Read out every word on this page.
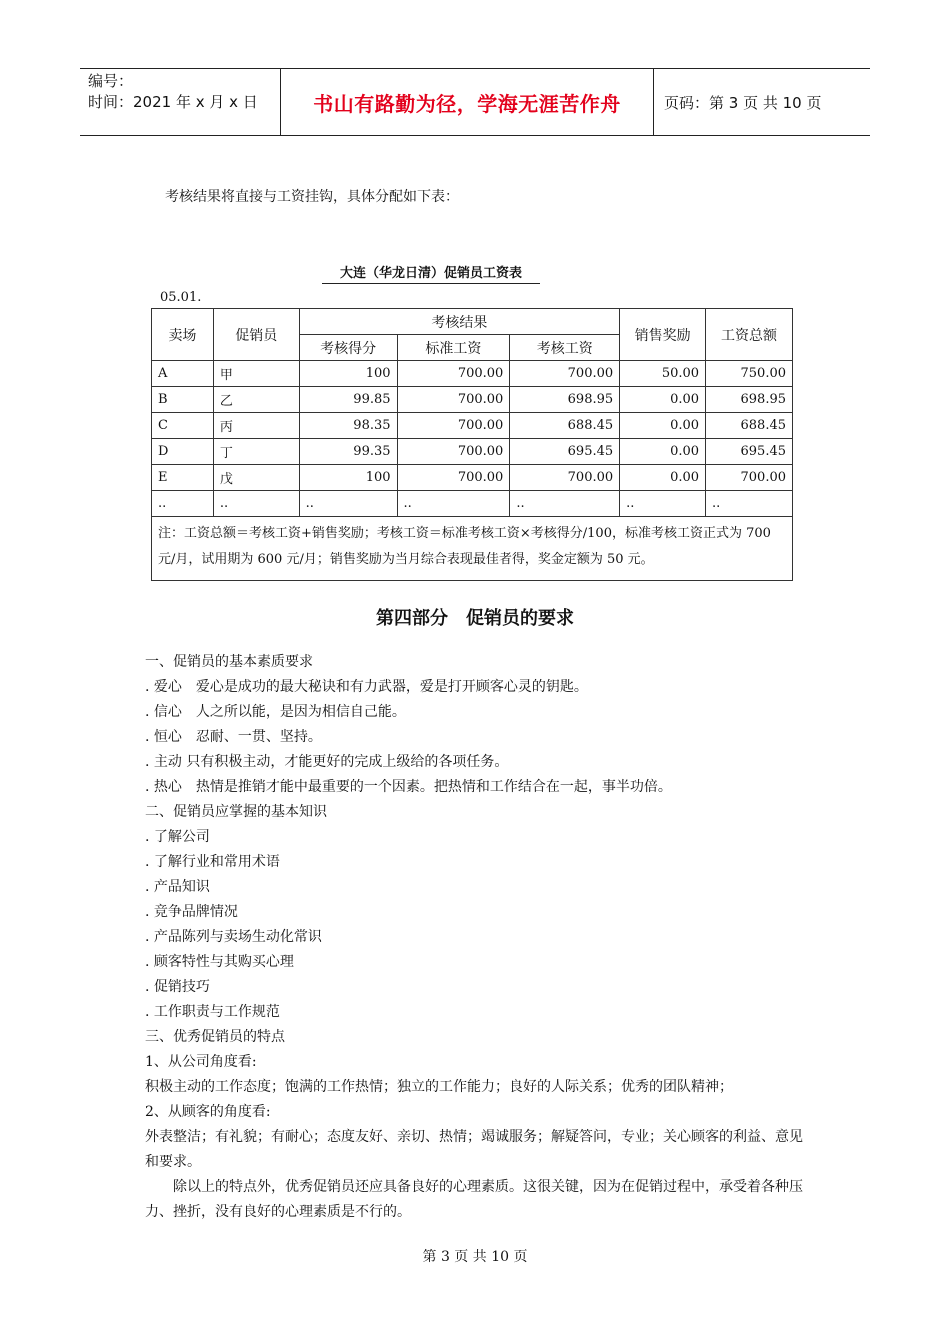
编号：
时间：2021 年 x 月 x 日	书山有路勤为径，学海无涯苦作舟	页码：第 3 页 共 10 页
考核结果将直接与工资挂钩，具体分配如下表：
大连（华龙日清）促销员工资表
05.01.
卖场	促销员	考核结果			销售奖励	工资总额
		考核得分	标准工资	考核工资		
A	甲	100	700.00	700.00	50.00	750.00
B	乙	99.85	700.00	698.95	0.00	698.95
C	丙	98.35	700.00	688.45	0.00	688.45
D	丁	99.35	700.00	695.45	0.00	695.45
E	戊	100	700.00	700.00	0.00	700.00
..	..	..	..	..	..	..
注：工资总额＝考核工资+销售奖励；考核工资＝标准考核工资×考核得分/100，标准考核工资正式为 700 元/月，试用期为 600 元/月；销售奖励为当月综合表现最佳者得，奖金定额为 50 元。						
第四部分　促销员的要求
一、促销员的基本素质要求
. 爱心　爱心是成功的最大秘诀和有力武器，爱是打开顾客心灵的钥匙。
. 信心　人之所以能，是因为相信自己能。
. 恒心　忍耐、一贯、坚持。
. 主动 只有积极主动，才能更好的完成上级给的各项任务。
. 热心　热情是推销才能中最重要的一个因素。把热情和工作结合在一起，事半功倍。
二、促销员应掌握的基本知识
. 了解公司
. 了解行业和常用术语
. 产品知识
. 竞争品牌情况
. 产品陈列与卖场生动化常识
. 顾客特性与其购买心理
. 促销技巧
. 工作职责与工作规范
三、优秀促销员的特点
1、从公司角度看:
积极主动的工作态度；饱满的工作热情；独立的工作能力；良好的人际关系；优秀的团队精神；
2、从顾客的角度看:
外表整洁；有礼貌；有耐心；态度友好、亲切、热情；竭诚服务；解疑答问，专业；关心顾客的利益、意见和要求。
除以上的特点外，优秀促销员还应具备良好的心理素质。这很关键，因为在促销过程中，承受着各种压力、挫折，没有良好的心理素质是不行的。
第 3 页 共 10 页
